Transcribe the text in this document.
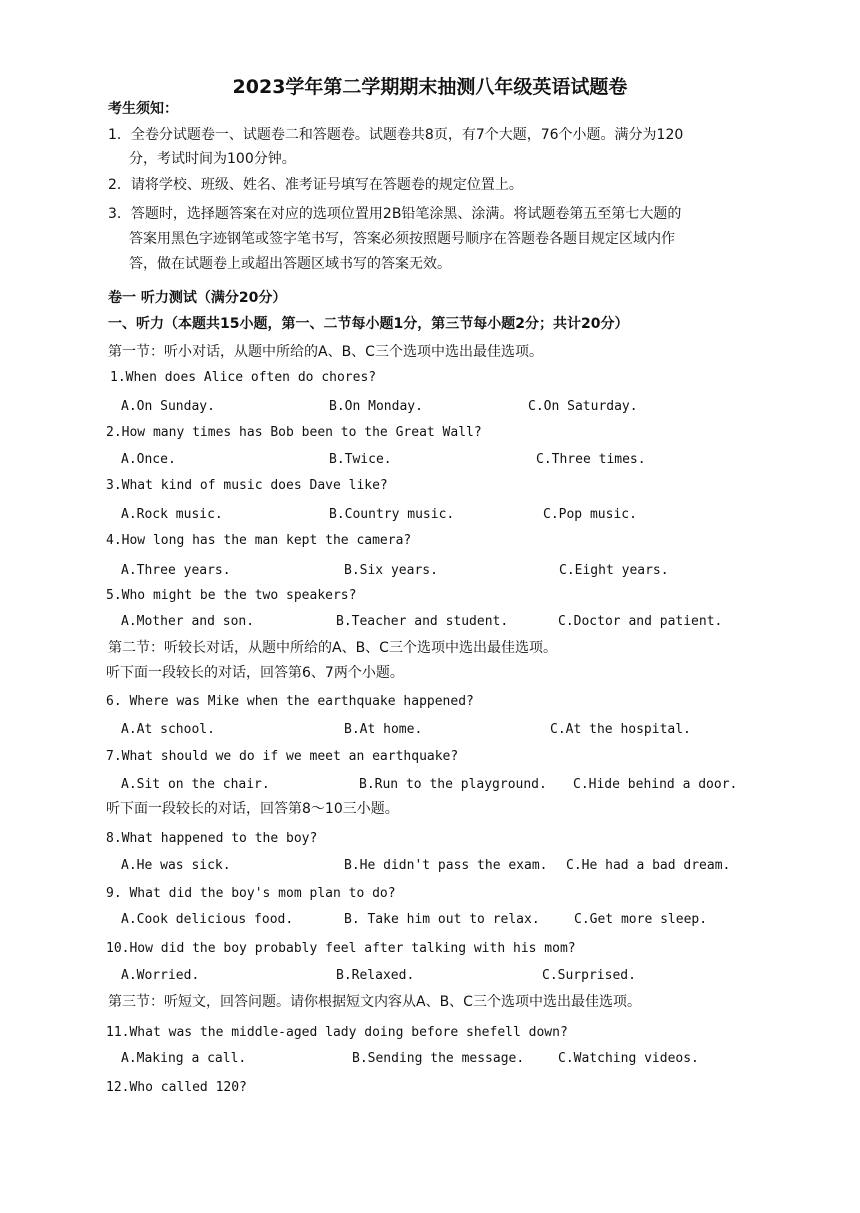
2023学年第二学期期末抽测八年级英语试题卷
考生须知：
1．全卷分试题卷一、试题卷二和答题卷。试题卷共8页，有7个大题，76个小题。满分为120
分，考试时间为100分钟。
2．请将学校、班级、姓名、准考证号填写在答题卷的规定位置上。
3．答题时，选择题答案在对应的选项位置用2B铅笔涂黑、涂满。将试题卷第五至第七大题的
答案用黑色字迹钢笔或签字笔书写，答案必须按照题号顺序在答题卷各题目规定区域内作
答，做在试题卷上或超出答题区域书写的答案无效。
卷一 听力测试（满分20分）
一、听力（本题共15小题，第一、二节每小题1分，第三节每小题2分；共计20分）
第一节：听小对话，从题中所给的A、B、C三个选项中选出最佳选项。
1.When does Alice often do chores?
A.On Sunday.	B.On Monday.	C.On Saturday.
2.How many times has Bob been to the Great Wall?
A.Once.	B.Twice.	C.Three times.
3.What kind of music does Dave like?
A.Rock music.	B.Country music.	C.Pop music.
4.How long has the man kept the camera?
A.Three years.	B.Six years.	C.Eight years.
5.Who might be the two speakers?
A.Mother and son.	B.Teacher and student.	C.Doctor and patient.
第二节：听较长对话，从题中所给的A、B、C三个选项中选出最佳选项。
听下面一段较长的对话，回答第6、7两个小题。
6. Where was Mike when the earthquake happened?
A.At school.	B.At home.	C.At the hospital.
7.What should we do if we meet an earthquake?
A.Sit on the chair.	B.Run to the playground. C.Hide behind a door.
听下面一段较长的对话，回答第8～10三小题。
8.What happened to the boy?
A.He was sick.	B.He didn't pass the exam. C.He had a bad dream.
9. What did the boy's mom plan to do?
A.Cook delicious food.	B. Take him out to relax.	C.Get more sleep.
10.How did the boy probably feel after talking with his mom?
A.Worried.	B.Relaxed.	C.Surprised.
第三节：听短文，回答问题。请你根据短文内容从A、B、C三个选项中选出最佳选项。
11.What was the middle-aged lady doing before shefell down?
A.Making a call.	B.Sending the message.	C.Watching videos.
12.Who called 120?
